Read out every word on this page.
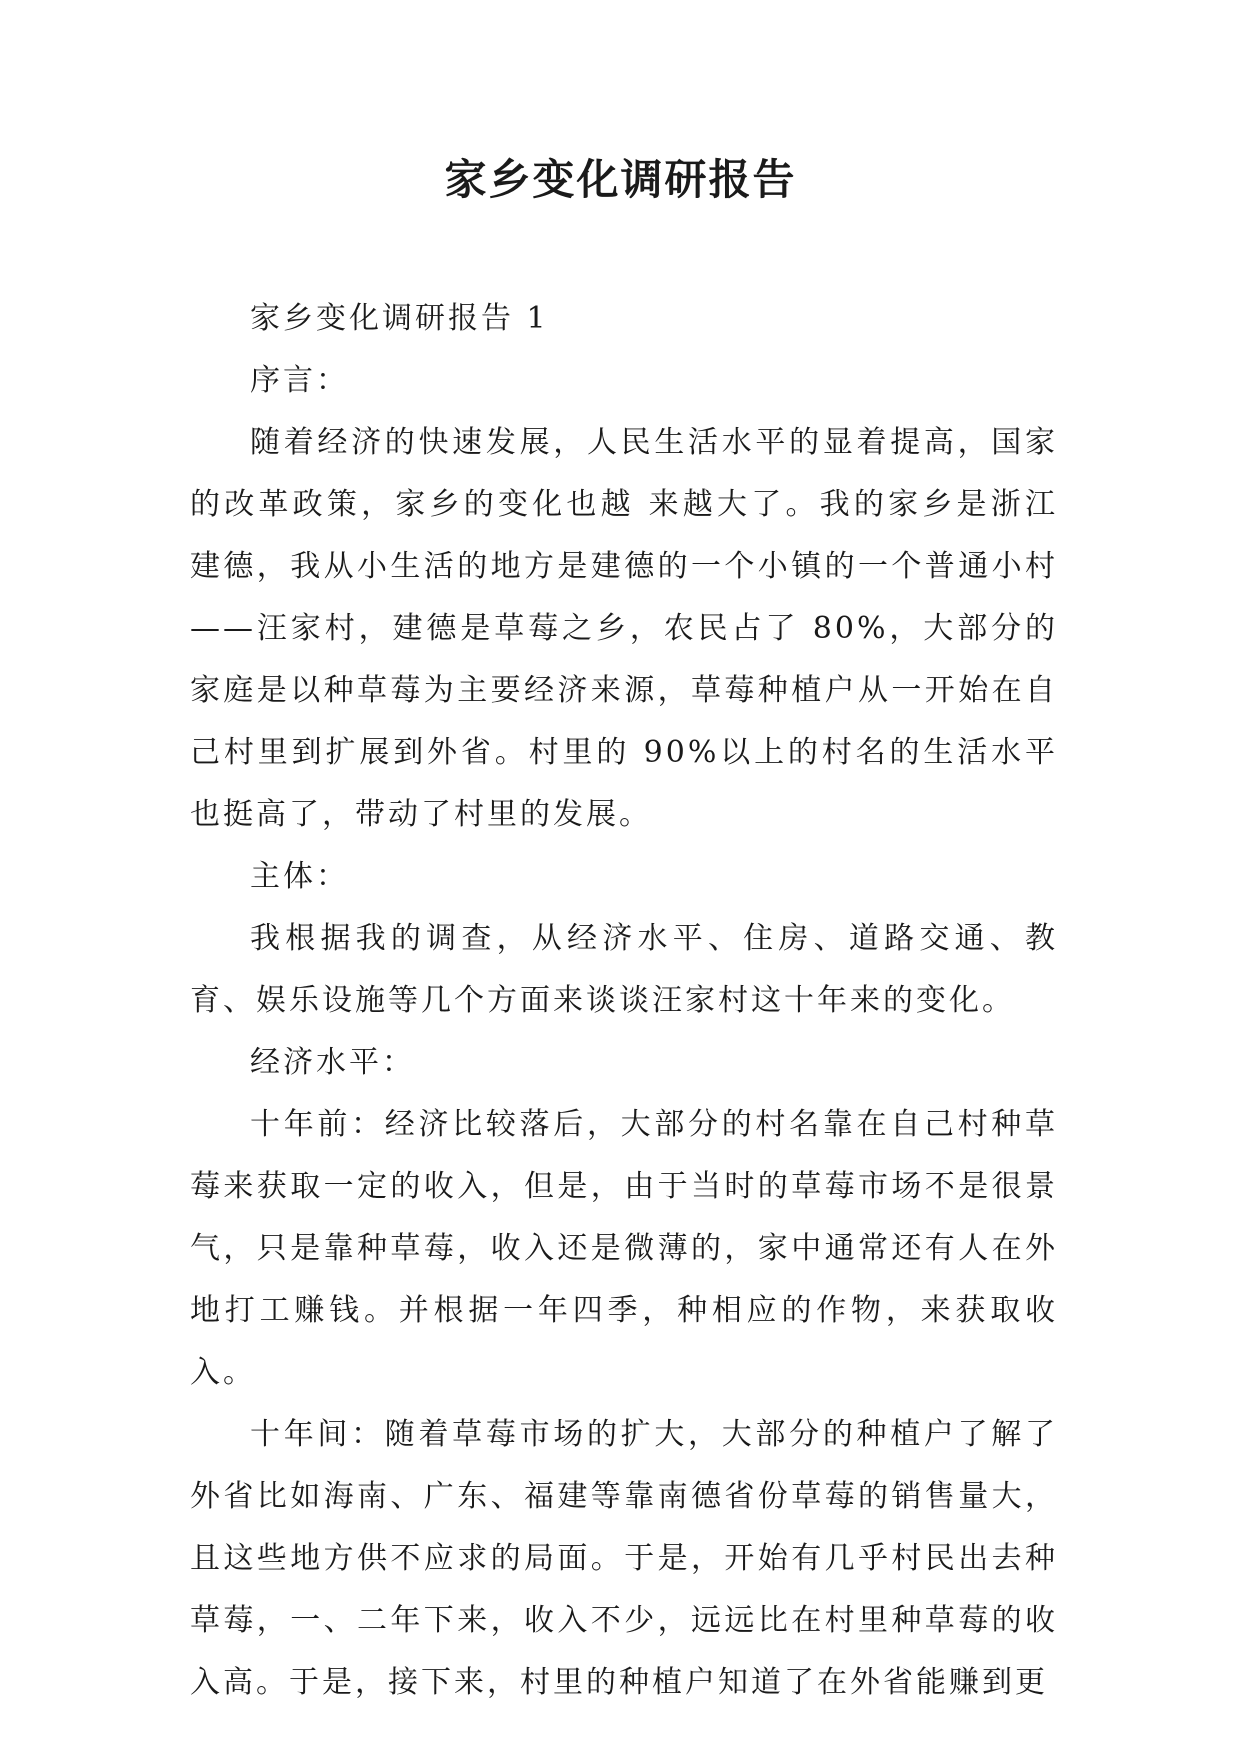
家乡变化调研报告

家乡变化调研报告 1

序言：

随着经济的快速发展，人民生活水平的显着提高，国家的改革政策，家乡的变化也越 来越大了。我的家乡是浙江建德，我从小生活的地方是建德的一个小镇的一个普通小村——汪家村，建德是草莓之乡，农民占了 80%，大部分的家庭是以种草莓为主要经济来源，草莓种植户从一开始在自己村里到扩展到外省。村里的 90%以上的村名的生活水平也挺高了，带动了村里的发展。

主体：

我根据我的调查，从经济水平、住房、道路交通、教育、娱乐设施等几个方面来谈谈汪家村这十年来的变化。

经济水平：

十年前：经济比较落后，大部分的村名靠在自己村种草莓来获取一定的收入，但是，由于当时的草莓市场不是很景气，只是靠种草莓，收入还是微薄的，家中通常还有人在外地打工赚钱。并根据一年四季，种相应的作物，来获取收入。

十年间：随着草莓市场的扩大，大部分的种植户了解了外省比如海南、广东、福建等靠南德省份草莓的销售量大，且这些地方供不应求的局面。于是，开始有几乎村民出去种草莓，一、二年下来，收入不少，远远比在村里种草莓的收入高。于是，接下来，村里的种植户知道了在外省能赚到更
